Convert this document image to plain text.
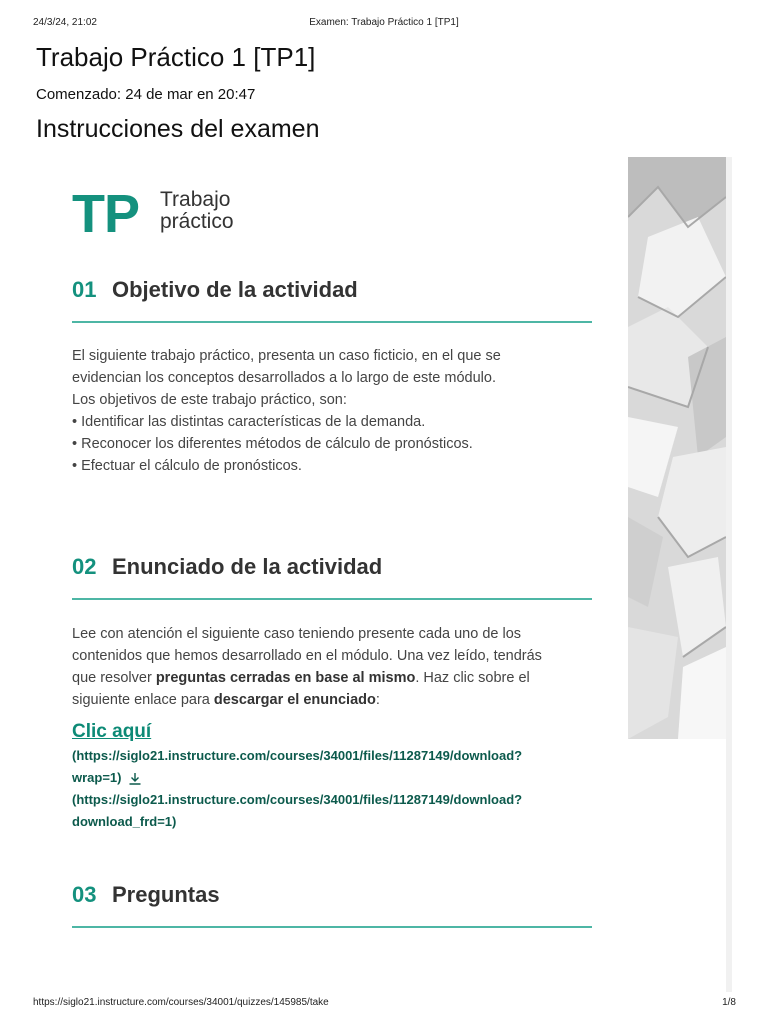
24/3/24, 21:02	Examen: Trabajo Práctico 1 [TP1]
Trabajo Práctico 1 [TP1]
Comenzado: 24 de mar en 20:47
Instrucciones del examen
TP Trabajo
práctico
01 Objetivo de la actividad
El siguiente trabajo práctico, presenta un caso ficticio, en el que se
evidencian los conceptos desarrollados a lo largo de este módulo.
Los objetivos de este trabajo práctico, son:
• Identificar las distintas características de la demanda.
• Reconocer los diferentes métodos de cálculo de pronósticos.
• Efectuar el cálculo de pronósticos.
02 Enunciado de la actividad
Lee con atención el siguiente caso teniendo presente cada uno de los
contenidos que hemos desarrollado en el módulo. Una vez leído, tendrás
que resolver preguntas cerradas en base al mismo. Haz clic sobre el
siguiente enlace para descargar el enunciado:
Clic aquí
(https://siglo21.instructure.com/courses/34001/files/11287149/download?
wrap=1)
(https://siglo21.instructure.com/courses/34001/files/11287149/download?
download_frd=1)
03 Preguntas
https://siglo21.instructure.com/courses/34001/quizzes/145985/take	1/8
